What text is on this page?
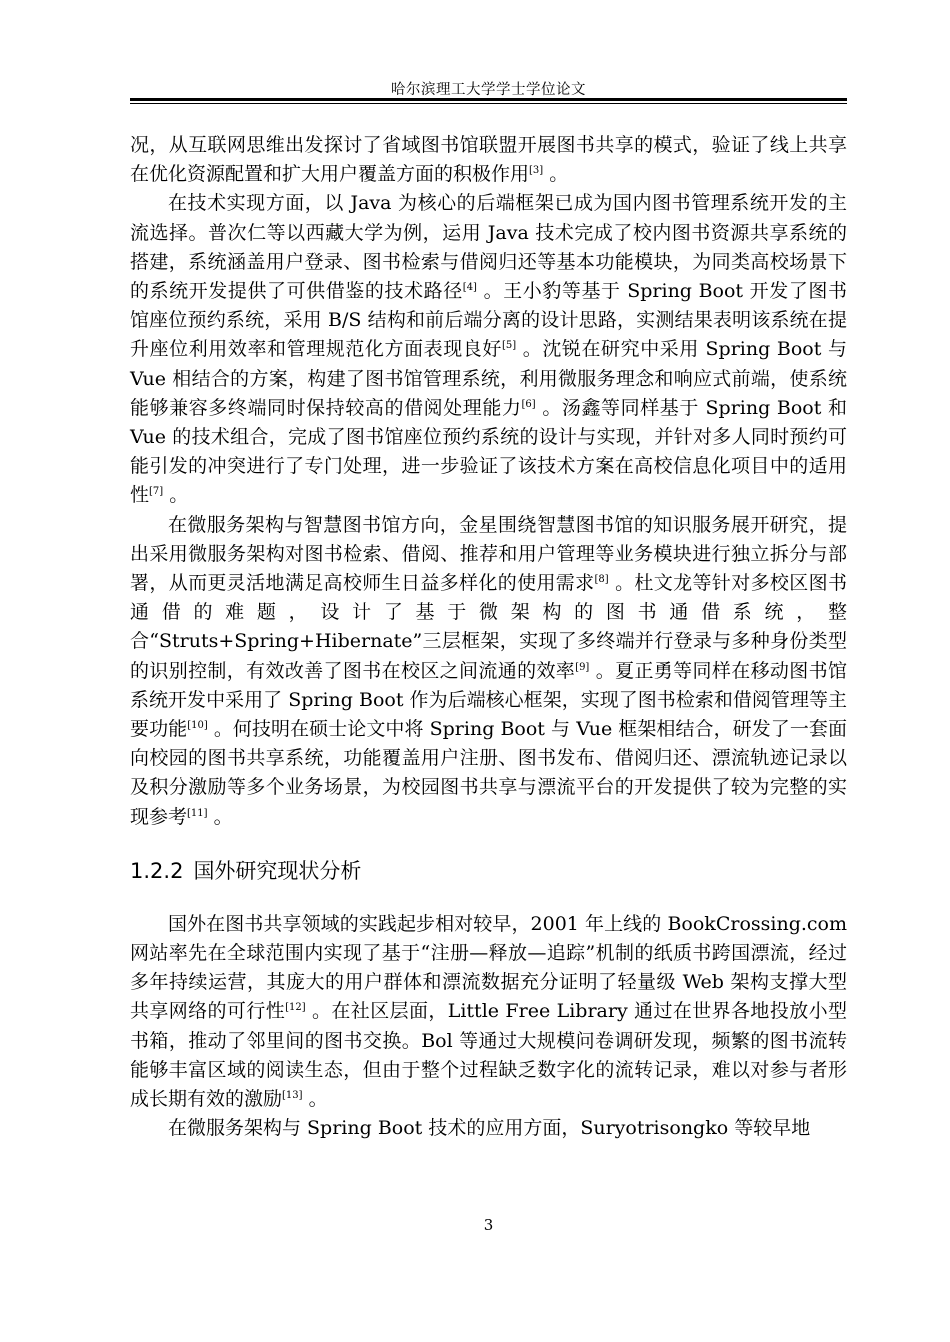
哈尔滨理工大学学士学位论文

况，从互联网思维出发探讨了省域图书馆联盟开展图书共享的模式，验证了线上共享在优化资源配置和扩大用户覆盖方面的积极作用[3] 。

在技术实现方面，以 Java 为核心的后端框架已成为国内图书管理系统开发的主流选择。普次仁等以西藏大学为例，运用 Java 技术完成了校内图书资源共享系统的搭建，系统涵盖用户登录、图书检索与借阅归还等基本功能模块，为同类高校场景下的系统开发提供了可供借鉴的技术路径[4] 。王小豹等基于 Spring Boot 开发了图书馆座位预约系统，采用 B/S 结构和前后端分离的设计思路，实测结果表明该系统在提升座位利用效率和管理规范化方面表现良好[5] 。沈锐在研究中采用 Spring Boot 与 Vue 相结合的方案，构建了图书馆管理系统，利用微服务理念和响应式前端，使系统能够兼容多终端同时保持较高的借阅处理能力[6] 。汤鑫等同样基于 Spring Boot 和 Vue 的技术组合，完成了图书馆座位预约系统的设计与实现，并针对多人同时预约可能引发的冲突进行了专门处理，进一步验证了该技术方案在高校信息化项目中的适用性[7] 。

在微服务架构与智慧图书馆方向，金星围绕智慧图书馆的知识服务展开研究，提出采用微服务架构对图书检索、借阅、推荐和用户管理等业务模块进行独立拆分与部署，从而更灵活地满足高校师生日益多样化的使用需求[8] 。杜文龙等针对多校区图书通借的难题，设计了基于微架构的图书通借系统，整合“Struts+Spring+Hibernate”三层框架，实现了多终端并行登录与多种身份类型的识别控制，有效改善了图书在校区之间流通的效率[9] 。夏正勇等同样在移动图书馆系统开发中采用了 Spring Boot 作为后端核心框架，实现了图书检索和借阅管理等主要功能[10] 。何技明在硕士论文中将 Spring Boot 与 Vue 框架相结合，研发了一套面向校园的图书共享系统，功能覆盖用户注册、图书发布、借阅归还、漂流轨迹记录以及积分激励等多个业务场景，为校园图书共享与漂流平台的开发提供了较为完整的实现参考[11] 。

1.2.2 国外研究现状分析

国外在图书共享领域的实践起步相对较早，2001 年上线的 BookCrossing.com 网站率先在全球范围内实现了基于“注册—释放—追踪”机制的纸质书跨国漂流，经过多年持续运营，其庞大的用户群体和漂流数据充分证明了轻量级 Web 架构支撑大型共享网络的可行性[12] 。在社区层面，Little Free Library 通过在世界各地投放小型书箱，推动了邻里间的图书交换。Bol 等通过大规模问卷调研发现，频繁的图书流转能够丰富区域的阅读生态，但由于整个过程缺乏数字化的流转记录，难以对参与者形成长期有效的激励[13] 。

在微服务架构与 Spring Boot 技术的应用方面，Suryotrisongko 等较早地

3
